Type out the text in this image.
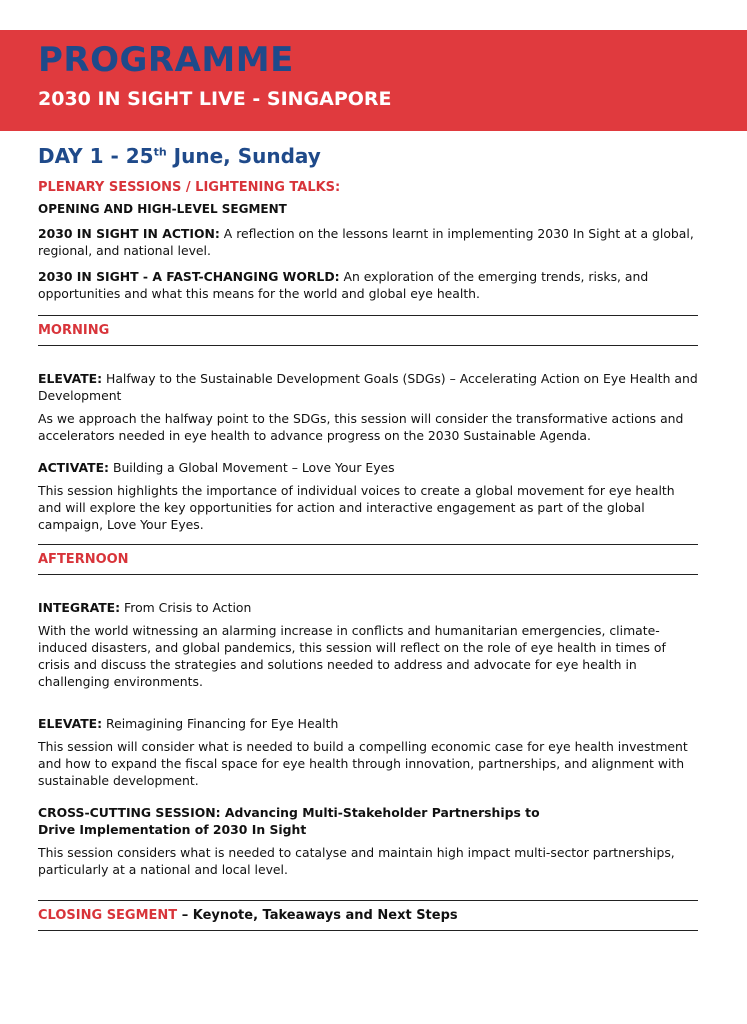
PROGRAMME
2030 IN SIGHT LIVE - SINGAPORE
DAY 1 - 25th June, Sunday
PLENARY SESSIONS / LIGHTENING TALKS:
OPENING AND HIGH-LEVEL SEGMENT

2030 IN SIGHT IN ACTION: A reflection on the lessons learnt in implementing 2030 In Sight at a global, regional, and national level.

2030 IN SIGHT - A FAST-CHANGING WORLD: An exploration of the emerging trends, risks, and opportunities and what this means for the world and global eye health.

MORNING

ELEVATE: Halfway to the Sustainable Development Goals (SDGs) – Accelerating Action on Eye Health and Development

As we approach the halfway point to the SDGs, this session will consider the transformative actions and accelerators needed in eye health to advance progress on the 2030 Sustainable Agenda.

ACTIVATE: Building a Global Movement – Love Your Eyes

This session highlights the importance of individual voices to create a global movement for eye health and will explore the key opportunities for action and interactive engagement as part of the global campaign, Love Your Eyes.

AFTERNOON

INTEGRATE: From Crisis to Action

With the world witnessing an alarming increase in conflicts and humanitarian emergencies, climate-induced disasters, and global pandemics, this session will reflect on the role of eye health in times of crisis and discuss the strategies and solutions needed to address and advocate for eye health in challenging environments.

ELEVATE: Reimagining Financing for Eye Health

This session will consider what is needed to build a compelling economic case for eye health investment and how to expand the fiscal space for eye health through innovation, partnerships, and alignment with sustainable development.

CROSS-CUTTING SESSION: Advancing Multi-Stakeholder Partnerships to Drive Implementation of 2030 In Sight

This session considers what is needed to catalyse and maintain high impact multi-sector partnerships, particularly at a national and local level.

CLOSING SEGMENT – Keynote, Takeaways and Next Steps
